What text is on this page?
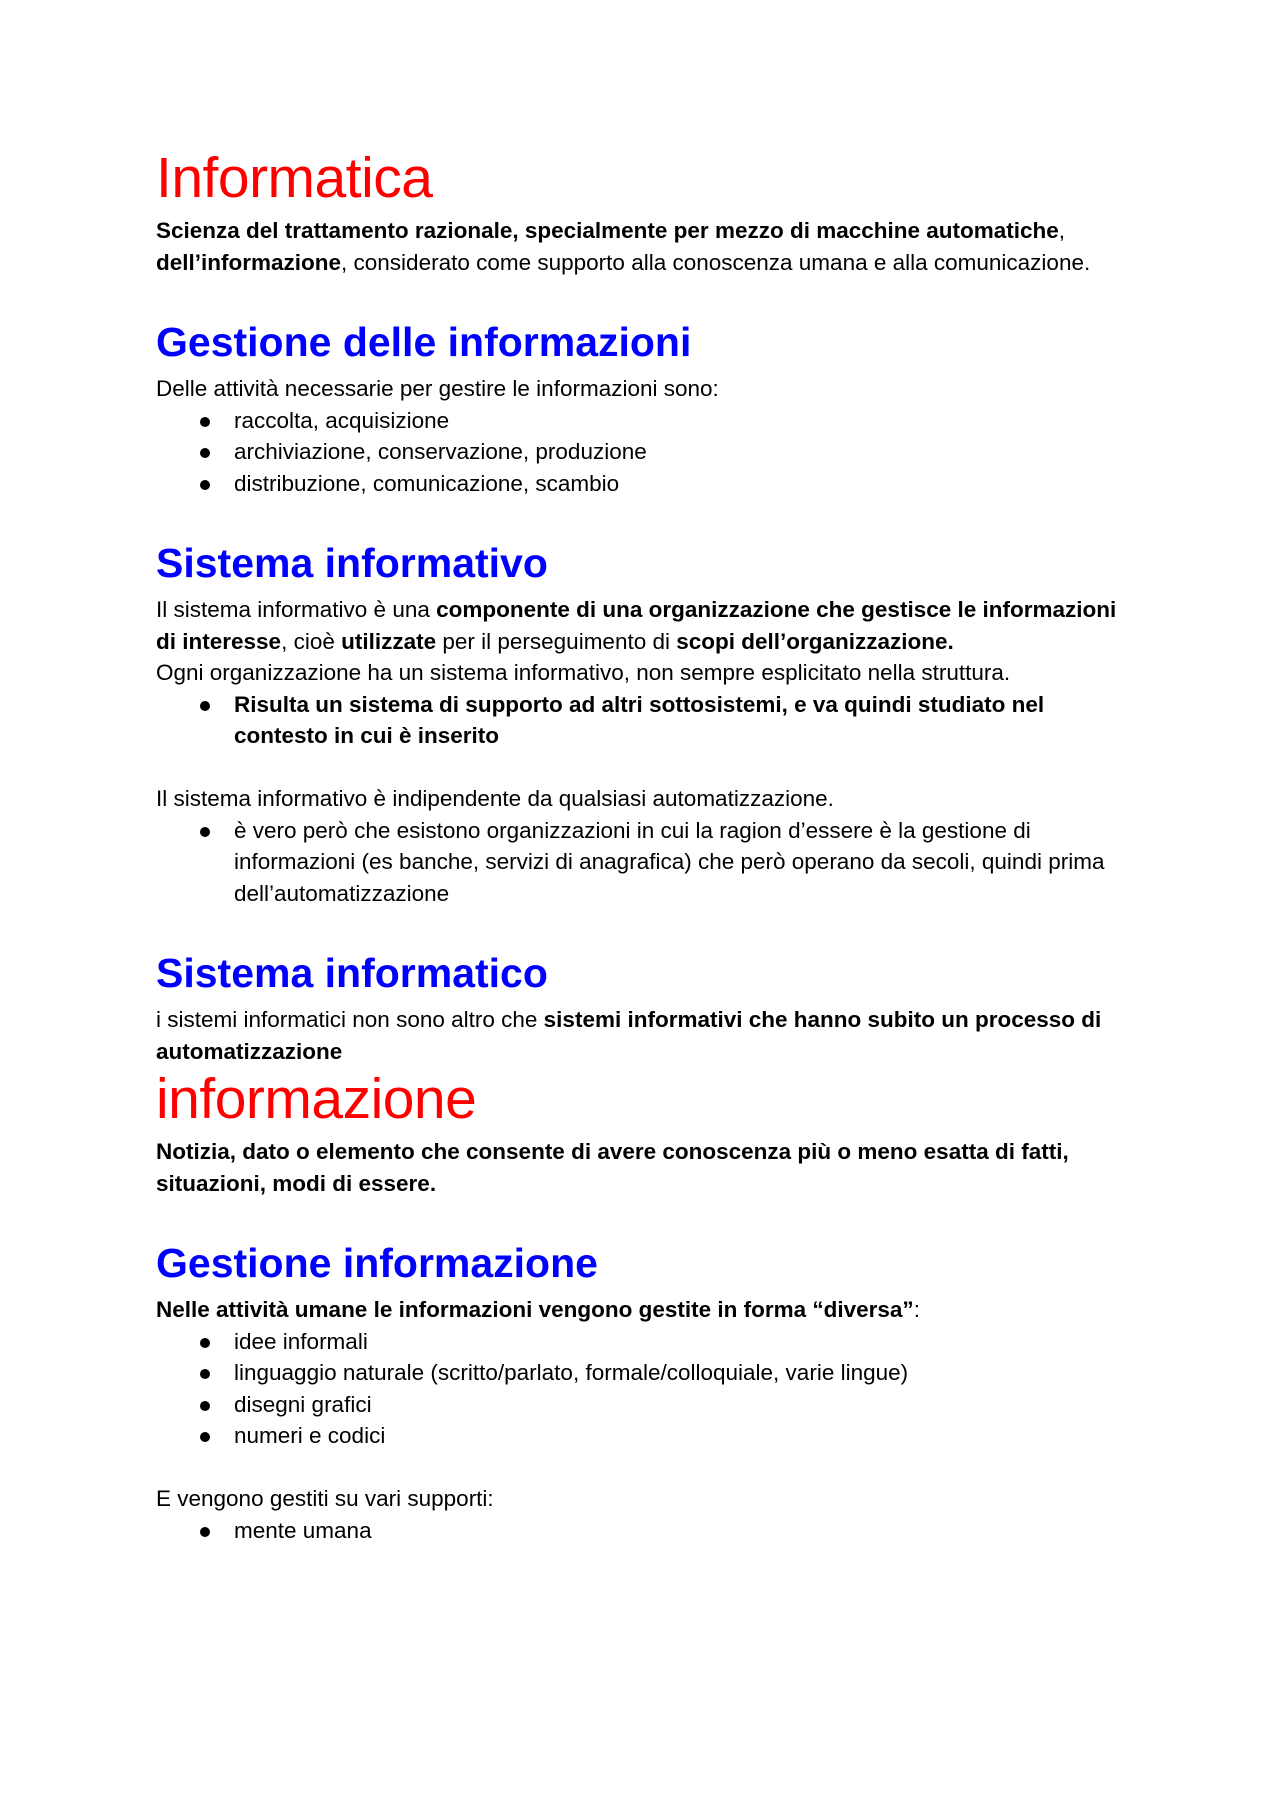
Informatica

Scienza del trattamento razionale, specialmente per mezzo di macchine automatiche, dell’informazione, considerato come supporto alla conoscenza umana e alla comunicazione.

Gestione delle informazioni

Delle attività necessarie per gestire le informazioni sono:

raccolta, acquisizione
archiviazione, conservazione, produzione
distribuzione, comunicazione, scambio
Sistema informativo

Il sistema informativo è una componente di una organizzazione che gestisce le informazioni di interesse, cioè utilizzate per il perseguimento di scopi dell’organizzazione.

Ogni organizzazione ha un sistema informativo, non sempre esplicitato nella struttura.

Risulta un sistema di supporto ad altri sottosistemi, e va quindi studiato nel contesto in cui è inserito

Il sistema informativo è indipendente da qualsiasi automatizzazione.

è vero però che esistono organizzazioni in cui la ragion d’essere è la gestione di informazioni (es banche, servizi di anagrafica) che però operano da secoli, quindi prima dell’automatizzazione
Sistema informatico

i sistemi informatici non sono altro che sistemi informativi che hanno subito un processo di automatizzazione

informazione

Notizia, dato o elemento che consente di avere conoscenza più o meno esatta di fatti, situazioni, modi di essere.

Gestione informazione

Nelle attività umane le informazioni vengono gestite in forma “diversa”:

idee informali
linguaggio naturale (scritto/parlato, formale/colloquiale, varie lingue)
disegni grafici
numeri e codici

E vengono gestiti su vari supporti:

mente umana
